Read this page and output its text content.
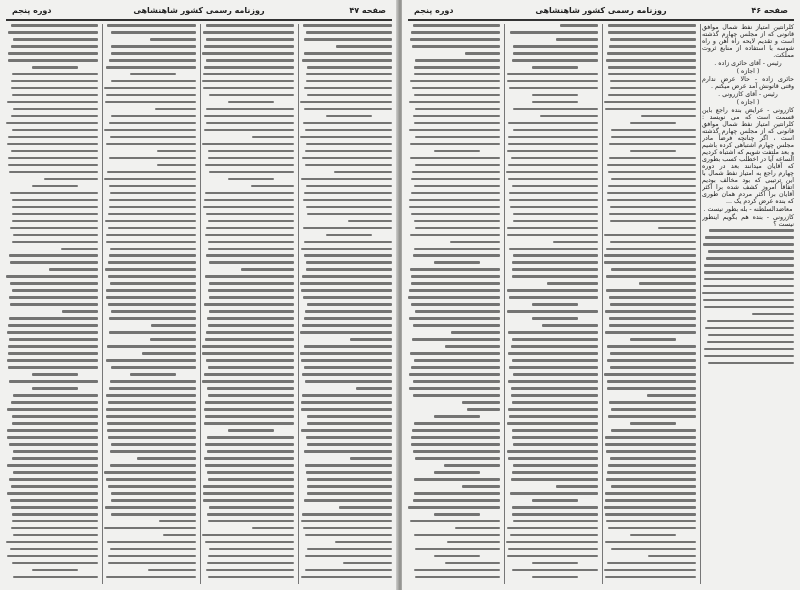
صفحه ۴۷
روزنامه رسمی کشور شاهنشاهی
دوره پنجم	صفحه ۴۶
روزنامه رسمی کشور شاهنشاهی
دوره پنجم

کلرانتین امتیاز نفط شمال موافق قانونی که از مجلس چهارم گذشته است و تقدیم لایحه راه آهن و راه شوسه با استفاده از منابع ثروت مملکت.

رئیس - آقای حائری زاده .

( اجازه )

حائری زاده - حالا عرض ندارم وقتی قانونش آمد عرض میکنم .

رئیس - آقای کازرونی .

( اجازه )

کازرونی - عرایض بنده راجع باین قسمت است که می نویسد : کلرانتین امتیاز نفط شمال موافق قانونی که از مجلس چهارم گذشته است ، اگر چنانچه فرضاً مادر مجلس چهارم اشتباهی کرده باشیم و بعد ملتفت شویم که اشتباه کردیم الساعه آیا در اخطلب کسب بطوری که آقایان میدانند بعد در دوره چهارم راجع به امتیاز نفط شمال با این ترتیبی که بود مخالف بودیم اتفاقاً امروز کشف شده برا اکثر آقایان برا اکثر مردم همان طوری که بنده عرض کردم یک ...

معاضدالسلطنه - بله بطور نیست .

کازرونی - بنده هم بگویم اینطور نیست ؟
